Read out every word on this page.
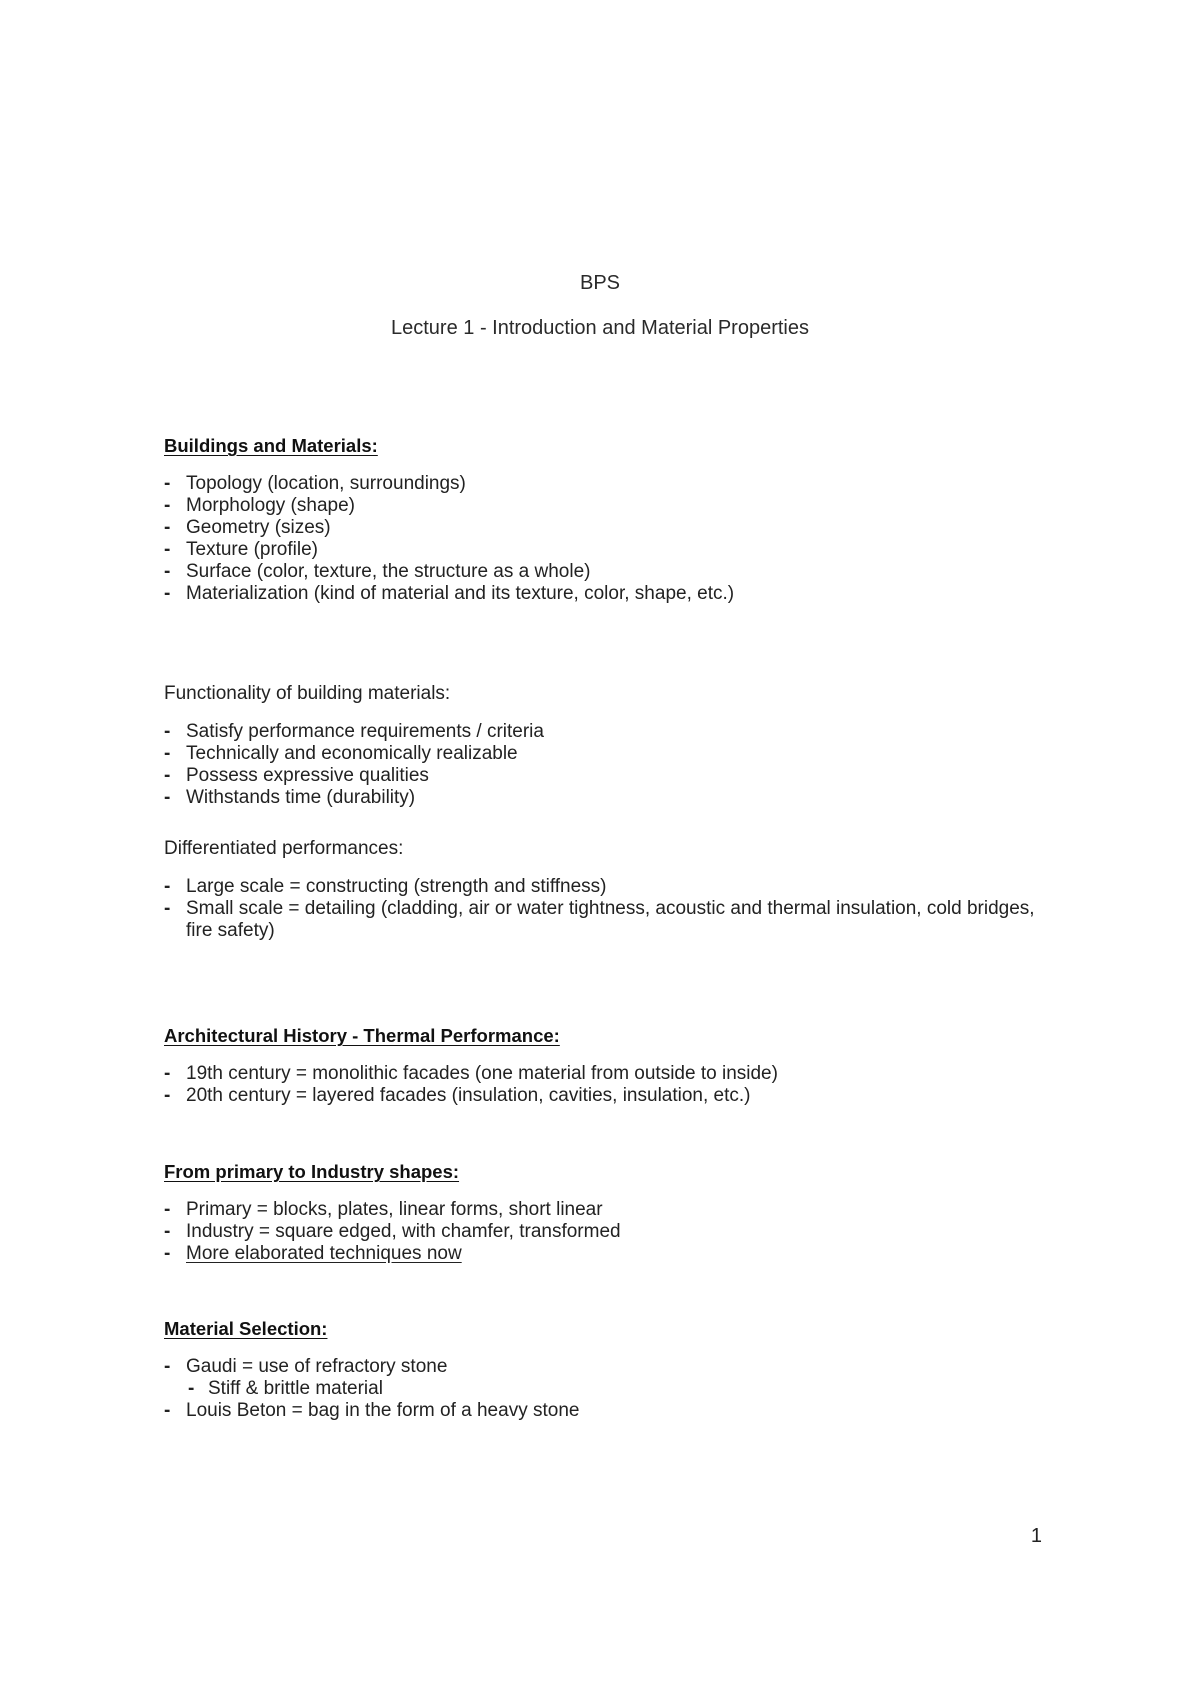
BPS
Lecture 1 - Introduction and Material Properties
Buildings and Materials:
- Topology (location, surroundings)
- Morphology (shape)
- Geometry (sizes)
- Texture (profile)
- Surface (color, texture, the structure as a whole)
- Materialization (kind of material and its texture, color, shape, etc.)
Functionality of building materials:
- Satisfy performance requirements / criteria
- Technically and economically realizable
- Possess expressive qualities
- Withstands time (durability)
Differentiated performances:
- Large scale = constructing (strength and stiffness)
- Small scale = detailing (cladding, air or water tightness, acoustic and thermal insulation, cold bridges, fire safety)
Architectural History - Thermal Performance:
- 19th century = monolithic facades (one material from outside to inside)
- 20th century = layered facades (insulation, cavities, insulation, etc.)
From primary to Industry shapes:
- Primary = blocks, plates, linear forms, short linear
- Industry = square edged, with chamfer, transformed
- More elaborated techniques now
Material Selection:
- Gaudi = use of refractory stone
- Stiff & brittle material
- Louis Beton = bag in the form of a heavy stone
1
